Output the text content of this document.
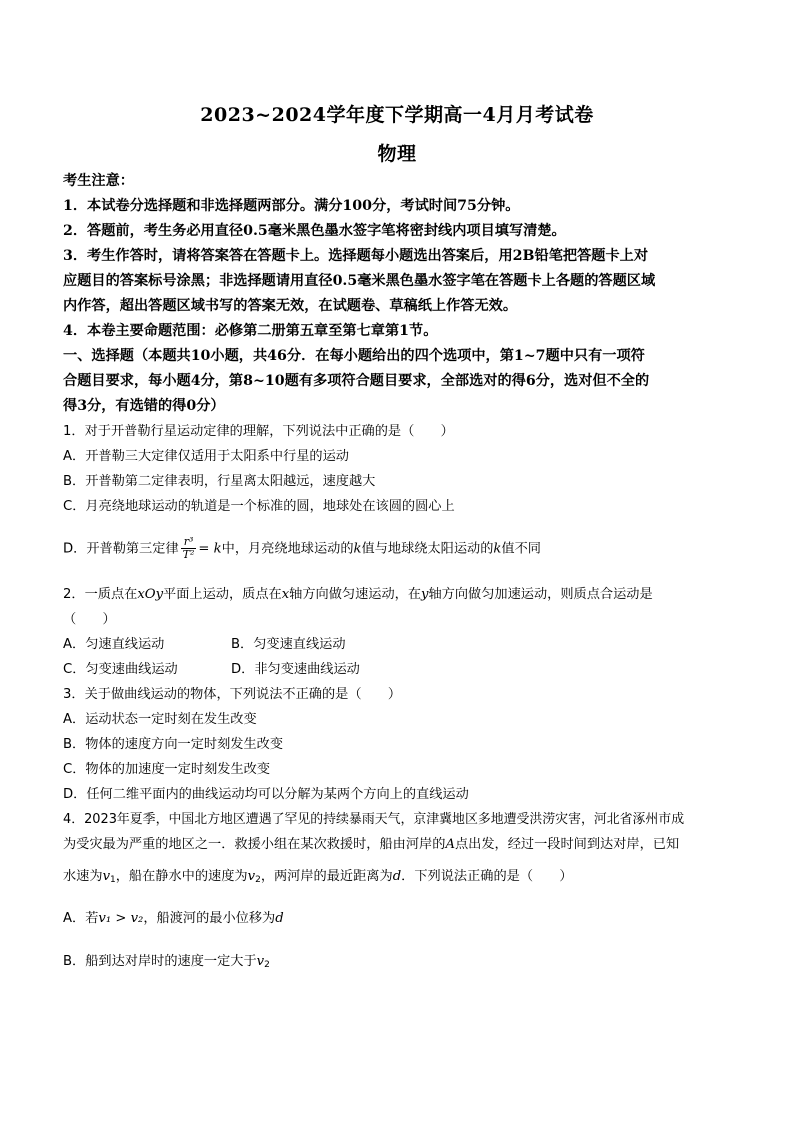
2023~2024学年度下学期高一4月月考试卷
物理
考生注意：
1．本试卷分选择题和非选择题两部分。满分100分，考试时间75分钟。
2．答题前，考生务必用直径0.5毫米黑色墨水签字笔将密封线内项目填写清楚。
3．考生作答时，请将答案答在答题卡上。选择题每小题选出答案后，用2B铅笔把答题卡上对
应题目的答案标号涂黑；非选择题请用直径0.5毫米黑色墨水签字笔在答题卡上各题的答题区域
内作答，超出答题区域书写的答案无效，在试题卷、草稿纸上作答无效。
4．本卷主要命题范围：必修第二册第五章至第七章第1节。
一、选择题（本题共10小题，共46分．在每小题给出的四个选项中，第1~7题中只有一项符
合题目要求，每小题4分，第8~10题有多项符合题目要求，全部选对的得6分，选对但不全的
得3分，有选错的得0分）
1．对于开普勒行星运动定律的理解，下列说法中正确的是（　　）
A．开普勒三大定律仅适用于太阳系中行星的运动
B．开普勒第二定律表明，行星离太阳越远，速度越大
C．月亮绕地球运动的轨道是一个标准的圆，地球处在该圆的圆心上
D．开普勒第三定律 $\frac{\text{r³}}{\text{T²}} = k$中，月亮绕地球运动的k值与地球绕太阳运动的k值不同
2．一质点在xOy平面上运动，质点在x轴方向做匀速运动，在y轴方向做匀加速运动，则质点合运动是
（　　）
A．匀速直线运动	B．匀变速直线运动
C．匀变速曲线运动	D．非匀变速曲线运动
3．关于做曲线运动的物体，下列说法不正确的是（　　）
A．运动状态一定时刻在发生改变
B．物体的速度方向一定时刻发生改变
C．物体的加速度一定时刻发生改变
D．任何二维平面内的曲线运动均可以分解为某两个方向上的直线运动
4．2023年夏季，中国北方地区遭遇了罕见的持续暴雨天气，京津冀地区多地遭受洪涝灾害，河北省涿州市成
为受灾最为严重的地区之一．救援小组在某次救援时，船由河岸的A点出发，经过一段时间到达对岸，已知
水速为$v_1$，船在静水中的速度为$v_2$，两河岸的最近距离为d．下列说法正确的是（　　）
A．若v₁ > v₂，船渡河的最小位移为d
B．船到达对岸时的速度一定大于$v_2$
